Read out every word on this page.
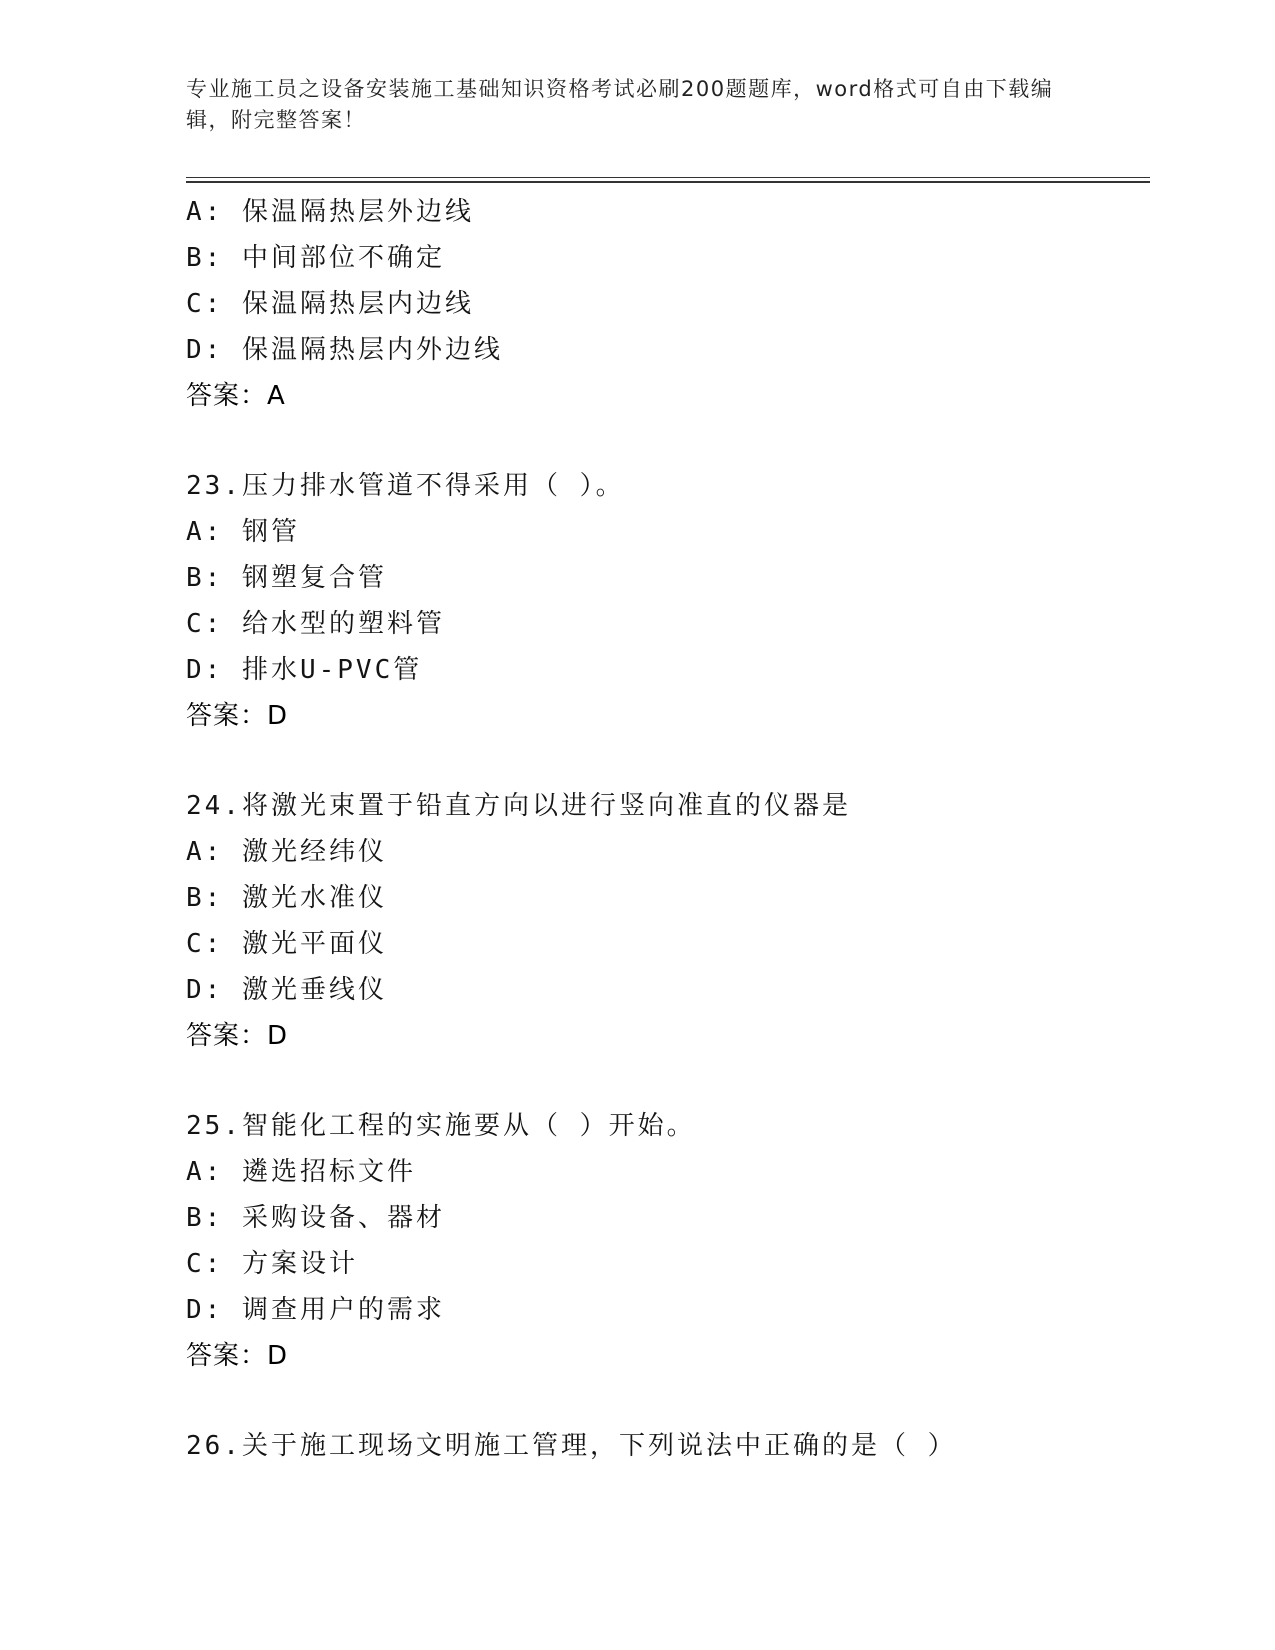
专业施工员之设备安装施工基础知识资格考试必刷200题题库，word格式可自由下载编辑，附完整答案！
A: 保温隔热层外边线
B: 中间部位不确定
C: 保温隔热层内边线
D: 保温隔热层内外边线
答案：A
23.压力排水管道不得采用（ ）。
A: 钢管
B: 钢塑复合管
C: 给水型的塑料管
D: 排水U-PVC管
答案：D
24.将激光束置于铅直方向以进行竖向准直的仪器是
A: 激光经纬仪
B: 激光水准仪
C: 激光平面仪
D: 激光垂线仪
答案：D
25.智能化工程的实施要从（ ）开始。
A: 遴选招标文件
B: 采购设备、器材
C: 方案设计
D: 调查用户的需求
答案：D
26.关于施工现场文明施工管理，下列说法中正确的是（ ）
